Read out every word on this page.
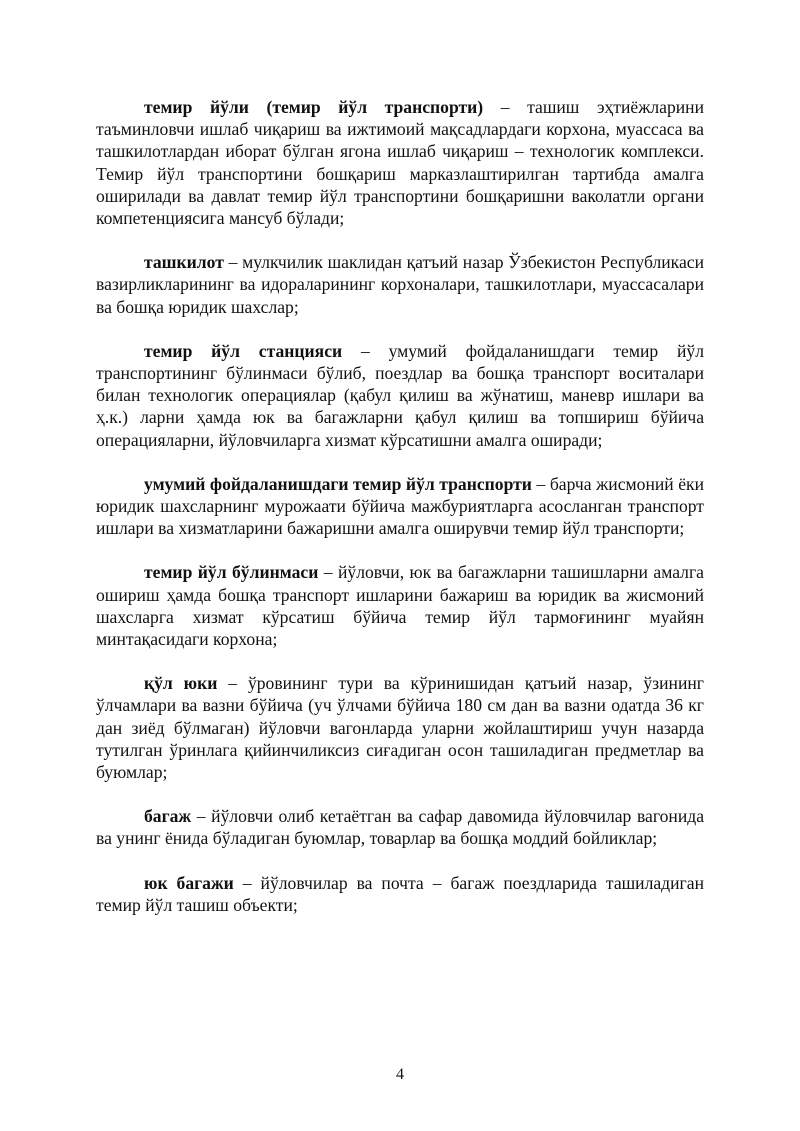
темир йўли (темир йўл транспорти) – ташиш эҳтиёжларини таъминловчи ишлаб чиқариш ва ижтимоий мақсадлардаги корхона, муассаса ва ташкилотлардан иборат бўлган ягона ишлаб чиқариш – технологик комплекси. Темир йўл транспортини бошқариш марказлаштирилган тартибда амалга оширилади ва давлат темир йўл транспортини бошқаришни ваколатли органи компетенциясига мансуб бўлади;

ташкилот – мулкчилик шаклидан қатъий назар Ўзбекистон Республикаси вазирликларининг ва идораларининг корхоналари, ташкилотлари, муассасалари ва бошқа юридик шахслар;

темир йўл станцияси – умумий фойдаланишдаги темир йўл транспортининг бўлинмаси бўлиб, поездлар ва бошқа транспорт воситалари билан технологик операциялар (қабул қилиш ва жўнатиш, маневр ишлари ва ҳ.к.) ларни ҳамда юк ва багажларни қабул қилиш ва топшириш бўйича операцияларни, йўловчиларга хизмат кўрсатишни амалга оширади;

умумий фойдаланишдаги темир йўл транспорти – барча жисмоний ёки юридик шахсларнинг мурожаати бўйича мажбуриятларга асосланган транспорт ишлари ва хизматларини бажаришни амалга оширувчи темир йўл транспорти;

темир йўл бўлинмаси – йўловчи, юк ва багажларни ташишларни амалга ошириш ҳамда бошқа транспорт ишларини бажариш ва юридик ва жисмоний шахсларга хизмат кўрсатиш бўйича темир йўл тармоғининг муайян минтақасидаги корхона;

қўл юки – ўровининг тури ва кўринишидан қатъий назар, ўзининг ўлчамлари ва вазни бўйича (уч ўлчами бўйича 180 см дан ва вазни одатда 36 кг дан зиёд бўлмаган) йўловчи вагонларда уларни жойлаштириш учун назарда тутилган ўринлага қийинчиликсиз сиғадиган осон ташиладиган предметлар ва буюмлар;

багаж – йўловчи олиб кетаётган ва сафар давомида йўловчилар вагонида ва унинг ёнида бўладиган буюмлар, товарлар ва бошқа моддий бойликлар;

юк багажи – йўловчилар ва почта – багаж поездларида ташиладиган темир йўл ташиш объекти;

4
